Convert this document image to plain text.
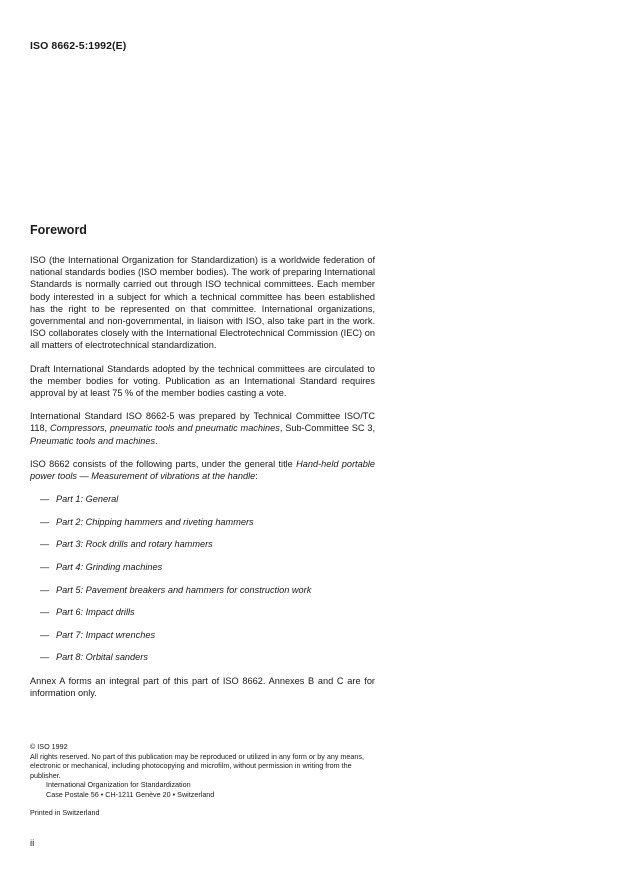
ISO 8662-5:1992(E)
Foreword

ISO (the International Organization for Standardization) is a worldwide federation of national standards bodies (ISO member bodies). The work of preparing International Standards is normally carried out through ISO technical committees. Each member body interested in a subject for which a technical committee has been established has the right to be represented on that committee. International organizations, governmental and non-governmental, in liaison with ISO, also take part in the work. ISO collaborates closely with the International Electrotechnical Commission (IEC) on all matters of electrotechnical standardization.

Draft International Standards adopted by the technical committees are circulated to the member bodies for voting. Publication as an International Standard requires approval by at least 75 % of the member bodies casting a vote.

International Standard ISO 8662-5 was prepared by Technical Committee ISO/TC 118, Compressors, pneumatic tools and pneumatic machines, Sub-Committee SC 3, Pneumatic tools and machines.

ISO 8662 consists of the following parts, under the general title Hand-held portable power tools — Measurement of vibrations at the handle:

— Part 1: General
— Part 2: Chipping hammers and riveting hammers
— Part 3: Rock drills and rotary hammers
— Part 4: Grinding machines
— Part 5: Pavement breakers and hammers for construction work
— Part 6: Impact drills
— Part 7: Impact wrenches
— Part 8: Orbital sanders

Annex A forms an integral part of this part of ISO 8662. Annexes B and C are for information only.

© ISO 1992

All rights reserved. No part of this publication may be reproduced or utilized in any form or by any means, electronic or mechanical, including photocopying and microfilm, without permission in writing from the publisher.

International Organization for Standardization

Case Postale 56 • CH-1211 Genève 20 • Switzerland

Printed in Switzerland

ii
